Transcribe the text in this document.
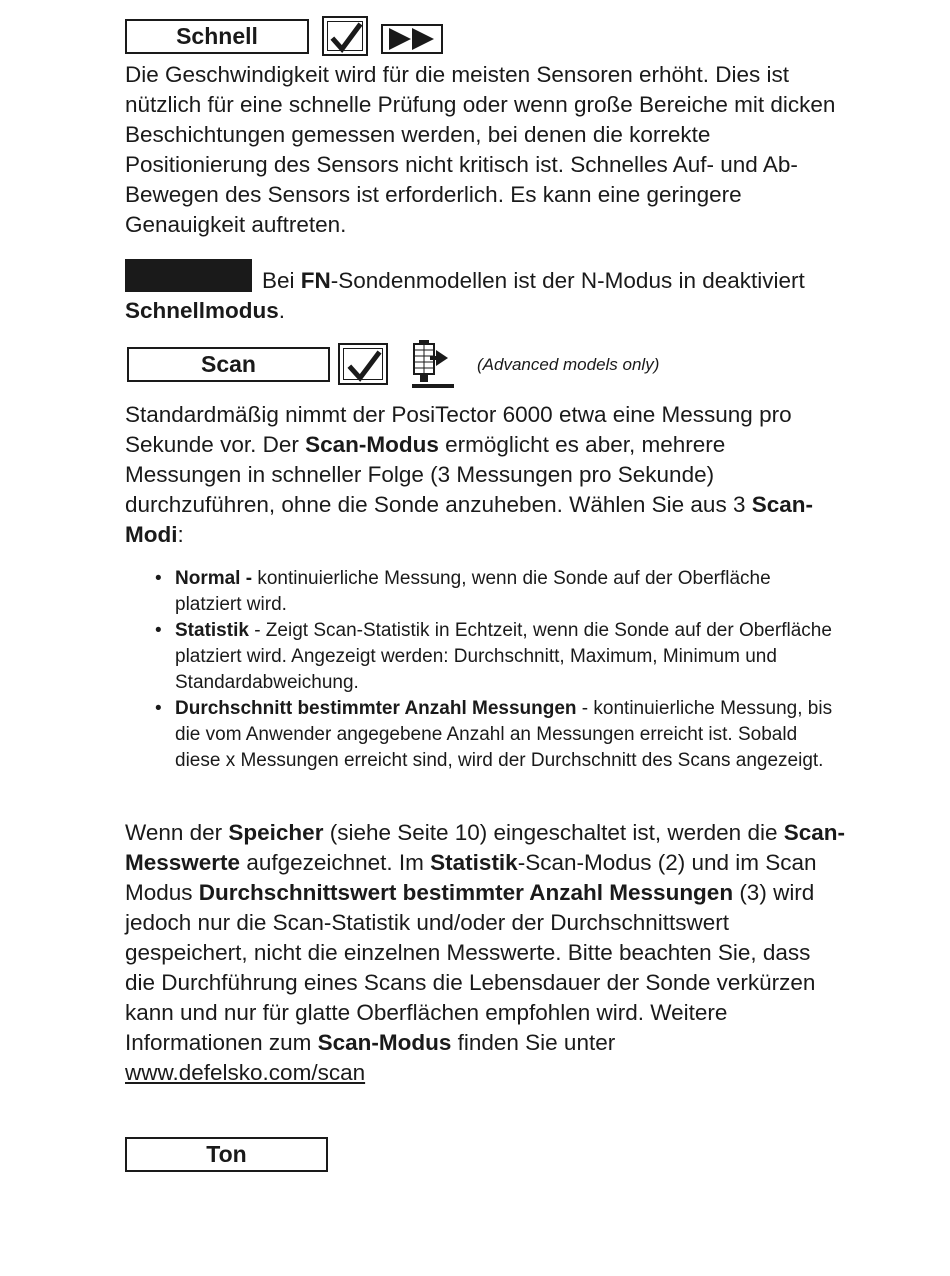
Schnell

Die Geschwindigkeit wird für die meisten Sensoren erhöht. Dies ist nützlich für eine schnelle Prüfung oder wenn große Bereiche mit dicken Beschichtungen gemessen werden, bei denen die korrekte Positionierung des Sensors nicht kritisch ist. Schnelles Auf- und Ab- Bewegen des Sensors ist erforderlich. Es kann eine geringere Genauigkeit auftreten.

Bei FN-Sondenmodellen ist der N-Modus in deaktiviert Schnellmodus.

Scan	(Advanced models only)

Standardmäßig nimmt der PosiTector 6000 etwa eine Messung pro Sekunde vor. Der Scan-Modus ermöglicht es aber, mehrere Messungen in schneller Folge (3 Messungen pro Sekunde) durchzuführen, ohne die Sonde anzuheben. Wählen Sie aus 3 Scan-Modi:

• Normal - kontinuierliche Messung, wenn die Sonde auf der Oberfläche platziert wird.
• Statistik - Zeigt Scan-Statistik in Echtzeit, wenn die Sonde auf der Oberfläche platziert wird. Angezeigt werden: Durchschnitt, Maximum, Minimum und Standardabweichung.
• Durchschnitt bestimmter Anzahl Messungen - kontinuierliche Messung, bis die vom Anwender angegebene Anzahl an Messungen erreicht ist. Sobald diese x Messungen erreicht sind, wird der Durchschnitt des Scans angezeigt.

Wenn der Speicher (siehe Seite 10) eingeschaltet ist, werden die Scan-Messwerte aufgezeichnet. Im Statistik-Scan-Modus (2) und im Scan Modus Durchschnittswert bestimmter Anzahl Messungen (3) wird jedoch nur die Scan-Statistik und/oder der Durchschnittswert gespeichert, nicht die einzelnen Messwerte. Bitte beachten Sie, dass die Durchführung eines Scans die Lebensdauer der Sonde verkürzen kann und nur für glatte Oberflächen empfohlen wird. Weitere Informationen zum Scan-Modus finden Sie unter
www.defelsko.com/scan

Ton
